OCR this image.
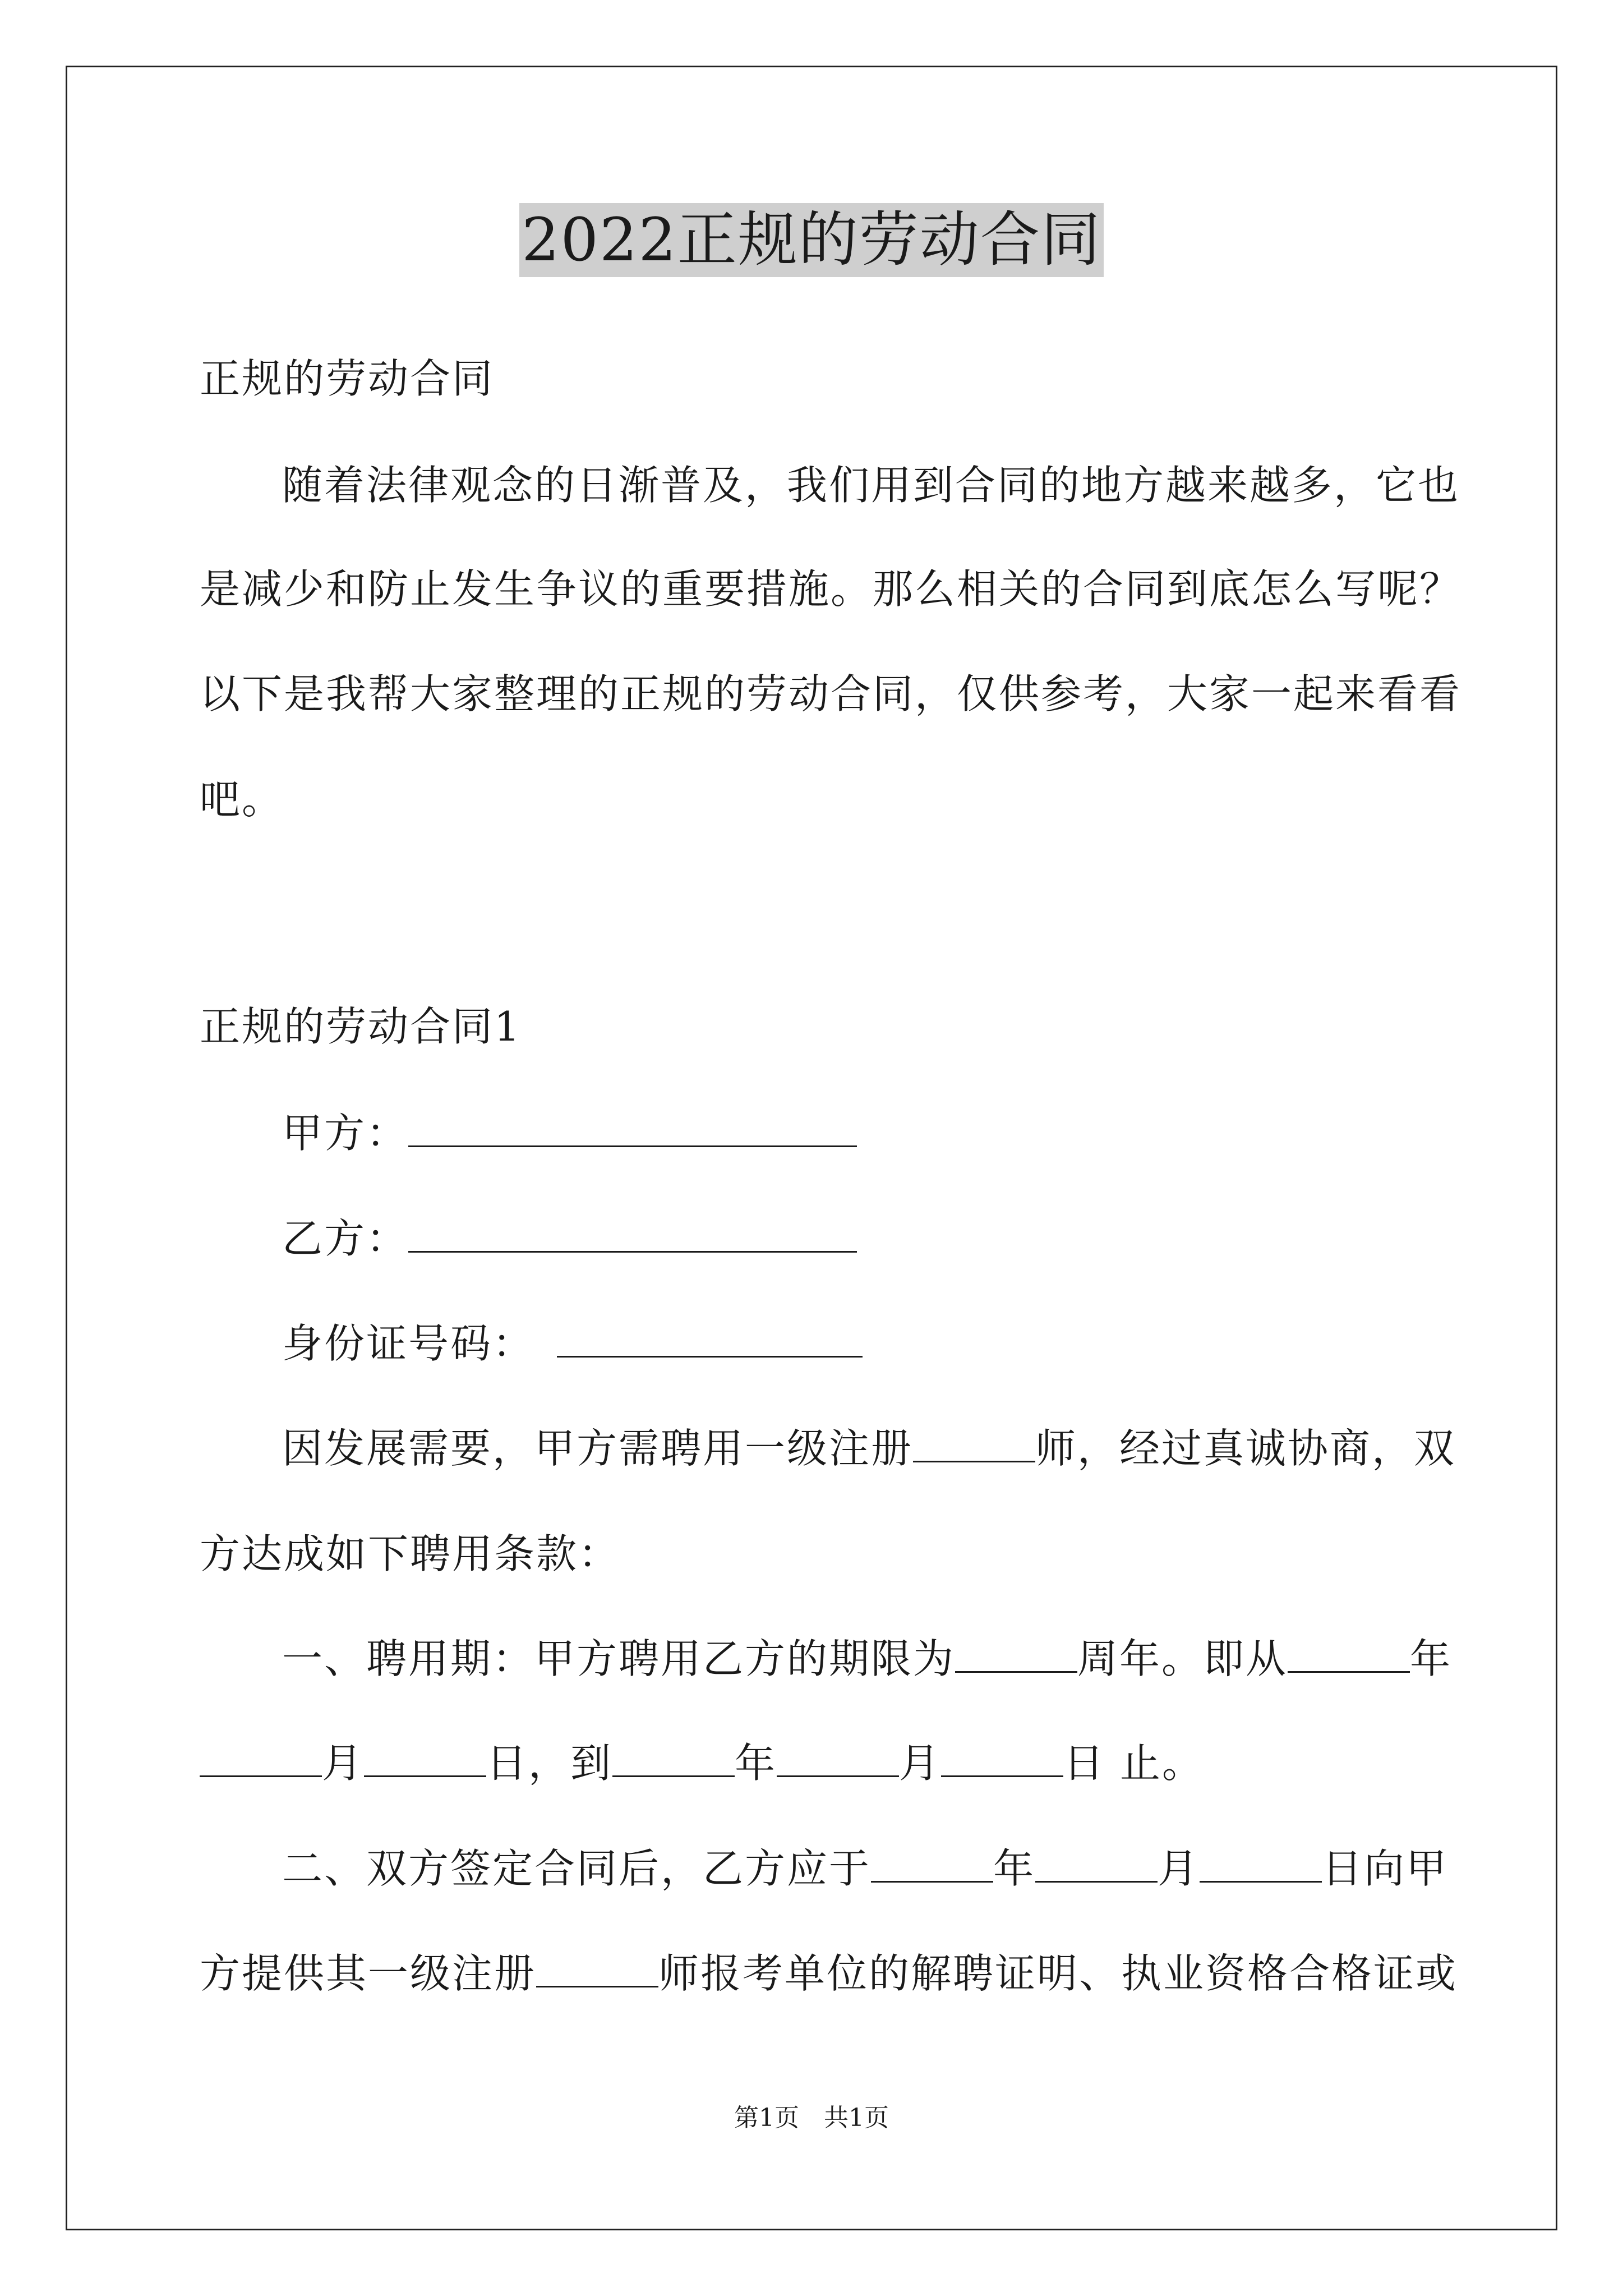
2022正规的劳动合同
正规的劳动合同
随着法律观念的日渐普及，我们用到合同的地方越来越多，它也
是减少和防止发生争议的重要措施。那么相关的合同到底怎么写呢？
以下是我帮大家整理的正规的劳动合同，仅供参考，大家一起来看看
吧。
正规的劳动合同1
甲方：
乙方：
身份证号码：
因发展需要，甲方需聘用一级注册	师，经过真诚协商，双
方达成如下聘用条款：
一、聘用期：甲方聘用乙方的期限为	周年。即从	年
月	日，到	年	月	日 止。
二、双方签定合同后，乙方应于	年	月	日向甲
方提供其一级注册	师报考单位的解聘证明、执业资格合格证或
第1页　共1页
